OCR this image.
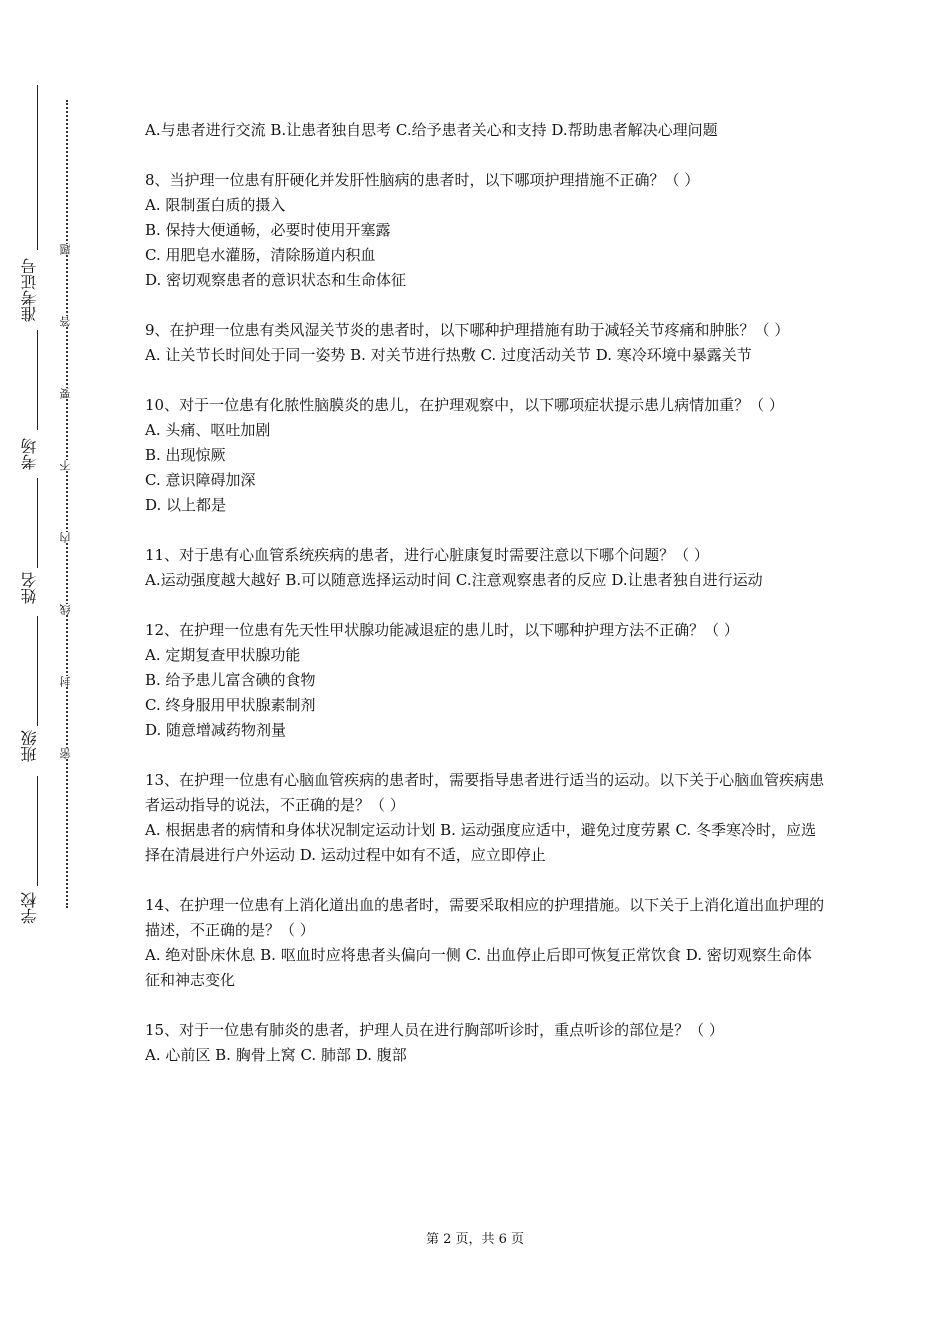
准考证号
考场
姓名
班级
学校
题
答
要
不
内
线
封
密

A.与患者进行交流 B.让患者独自思考 C.给予患者关心和支持 D.帮助患者解决心理问题

8、当护理一位患有肝硬化并发肝性脑病的患者时，以下哪项护理措施不正确？（ ）

A. 限制蛋白质的摄入

B. 保持大便通畅，必要时使用开塞露

C. 用肥皂水灌肠，清除肠道内积血

D. 密切观察患者的意识状态和生命体征

9、在护理一位患有类风湿关节炎的患者时，以下哪种护理措施有助于减轻关节疼痛和肿胀？（ ）

A. 让关节长时间处于同一姿势 B. 对关节进行热敷 C. 过度活动关节 D. 寒冷环境中暴露关节

10、对于一位患有化脓性脑膜炎的患儿，在护理观察中，以下哪项症状提示患儿病情加重？（ ）

A. 头痛、呕吐加剧

B. 出现惊厥

C. 意识障碍加深

D. 以上都是

11、对于患有心血管系统疾病的患者，进行心脏康复时需要注意以下哪个问题？（ ）

A.运动强度越大越好 B.可以随意选择运动时间 C.注意观察患者的反应 D.让患者独自进行运动

12、在护理一位患有先天性甲状腺功能减退症的患儿时，以下哪种护理方法不正确？（ ）

A. 定期复查甲状腺功能

B. 给予患儿富含碘的食物

C. 终身服用甲状腺素制剂

D. 随意增减药物剂量

13、在护理一位患有心脑血管疾病的患者时，需要指导患者进行适当的运动。以下关于心脑血管疾病患者运动指导的说法，不正确的是？（ ）

A. 根据患者的病情和身体状况制定运动计划 B. 运动强度应适中，避免过度劳累 C. 冬季寒冷时，应选择在清晨进行户外运动 D. 运动过程中如有不适，应立即停止

14、在护理一位患有上消化道出血的患者时，需要采取相应的护理措施。以下关于上消化道出血护理的描述，不正确的是？（ ）

A. 绝对卧床休息 B. 呕血时应将患者头偏向一侧 C. 出血停止后即可恢复正常饮食 D. 密切观察生命体征和神志变化

15、对于一位患有肺炎的患者，护理人员在进行胸部听诊时，重点听诊的部位是？（ ）

A. 心前区 B. 胸骨上窝 C. 肺部 D. 腹部

第 2 页，共 6 页
